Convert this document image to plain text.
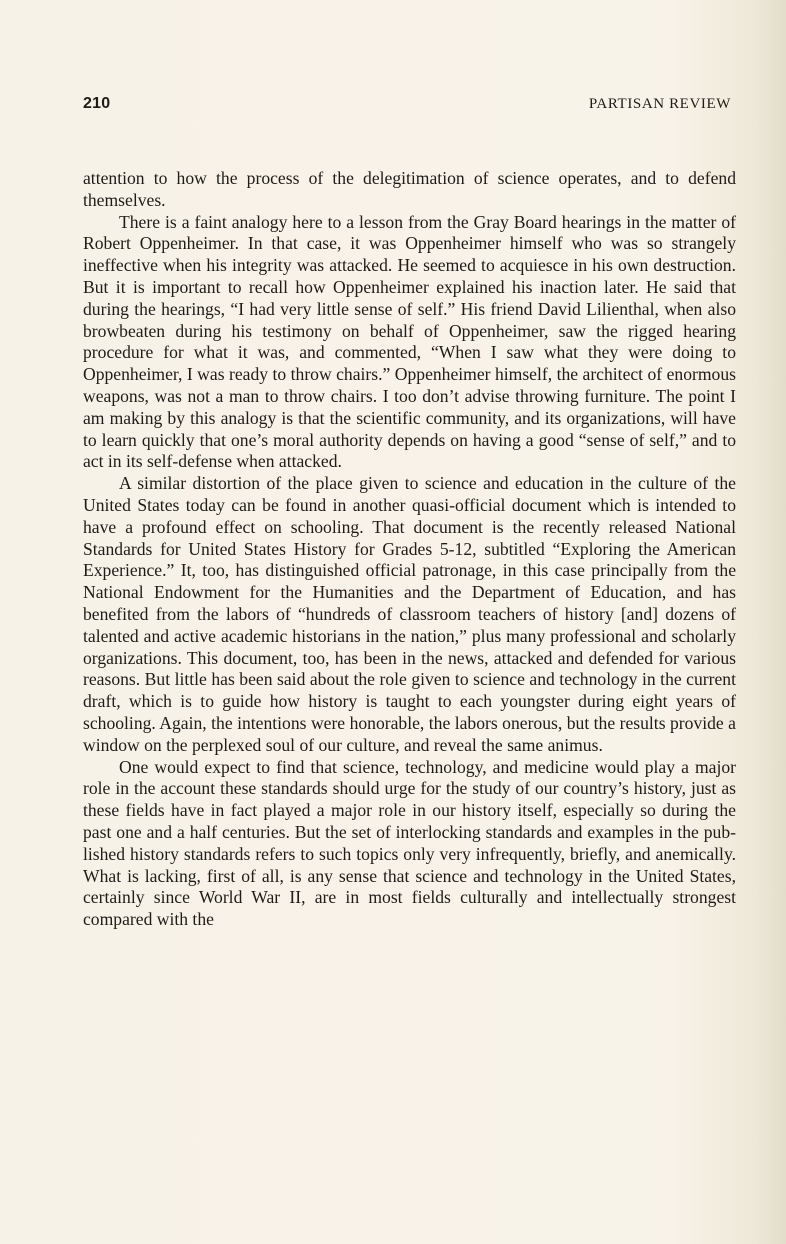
210	PARTISAN REVIEW

attention to how the process of the delegitimation of science operates, and to defend themselves.

There is a faint analogy here to a lesson from the Gray Board hearings in the matter of Robert Oppenheimer. In that case, it was Oppenheimer himself who was so strangely ineffective when his integrity was attacked. He seemed to acquiesce in his own destruction. But it is important to recall how Oppenheimer explained his inaction later. He said that during the hearings, “I had very little sense of self.” His friend David Lilienthal, when also browbeaten during his testimony on behalf of Oppenheimer, saw the rigged hearing procedure for what it was, and commented, “When I saw what they were doing to Oppenheimer, I was ready to throw chairs.” Oppenheimer himself, the architect of enormous weapons, was not a man to throw chairs. I too don’t advise throwing furniture. The point I am making by this analogy is that the scientific community, and its organizations, will have to learn quickly that one’s moral authority depends on having a good “sense of self,” and to act in its self-defense when attacked.

A similar distortion of the place given to science and education in the culture of the United States today can be found in another quasi-official document which is intended to have a profound effect on schooling. That document is the recently released National Standards for United States History for Grades 5-12, subtitled “Exploring the American Experience.” It, too, has distinguished official patronage, in this case principally from the National Endowment for the Humanities and the Department of Education, and has benefited from the labors of “hundreds of classroom teachers of history [and] dozens of talented and active academic historians in the nation,” plus many professional and scholarly organizations. This document, too, has been in the news, attacked and defended for various reasons. But little has been said about the role given to science and technology in the current draft, which is to guide how history is taught to each youngster during eight years of schooling. Again, the intentions were honorable, the labors onerous, but the results provide a window on the perplexed soul of our culture, and reveal the same animus.

One would expect to find that science, technology, and medicine would play a major role in the account these standards should urge for the study of our country’s history, just as these fields have in fact played a major role in our history itself, especially so during the past one and a half centuries. But the set of interlocking standards and examples in the published history standards refers to such topics only very infrequently, briefly, and anemically. What is lacking, first of all, is any sense that science and technology in the United States, certainly since World War II, are in most fields culturally and intellectually strongest compared with the
